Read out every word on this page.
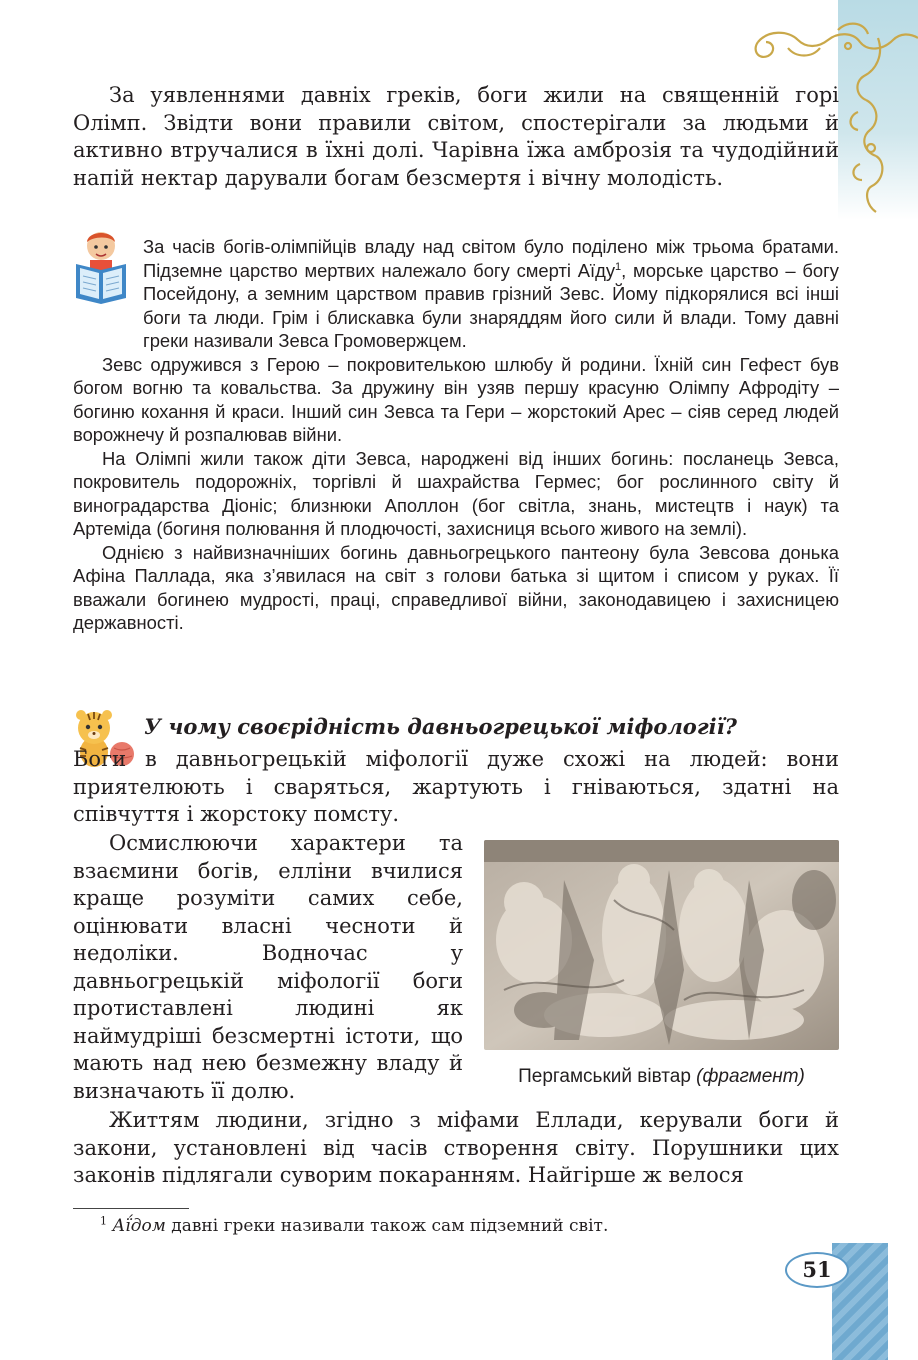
За уявленнями давніх греків, боги жили на священній горі Олімп. Звідти вони правили світом, спостерігали за людьми й активно втручалися в їхні долі. Чарівна їжа амброзія та чудодійний напій нектар дарували богам безсмертя і вічну молодість.

За часів богів-олімпійців владу над світом було поділено між трьома братами. Підземне царство мертвих належало богу смерті Аїду$^1$, морське царство – богу Посейдону, а земним царством правив грізний Зевс. Йому підкорялися всі інші боги та люди. Грім і блискавка були знаряддям його сили й влади. Тому давні греки називали Зевса Громовержцем.

Зевс одружився з Герою – покровителькою шлюбу й родини. Їхній син Гефест був богом вогню та ковальства. За дружину він узяв першу красуню Олімпу Афродіту – богиню кохання й краси. Інший син Зевса та Гери – жорстокий Арес – сіяв серед людей ворожнечу й розпалював війни.

На Олімпі жили також діти Зевса, народжені від інших богинь: посланець Зевса, покровитель подорожніх, торгівлі й шахрайства Гермес; бог рослинного світу й виноградарства Діоніс; близнюки Аполлон (бог світла, знань, мистецтв і наук) та Артеміда (богиня полювання й плодючості, захисниця всього живого на землі).

Однією з найвизначніших богинь давньогрецького пантеону була Зевсова донька Афіна Паллада, яка з’явилася на світ з голови батька зі щитом і списом у руках. Її вважали богинею мудрості, праці, справедливої війни, законодавицею і захисницею державності.

У чому своєрідність давньогрецької міфології?

Боги в давньогрецькій міфології дуже схожі на людей: вони приятелюють і сваряться, жартують і гніваються, здатні на співчуття і жорстоку помсту.

Осмислюючи характери та взаємини богів, елліни вчилися краще розуміти самих себе, оцінювати власні чесноти й недоліки. Водночас у давньогрецькій міфології боги протиставлені людині як наймудріші безсмертні істоти, що мають над нею безмежну владу й визначають її долю.

Пергамський вівтар (фрагмент)

Життям людини, згідно з міфами Еллади, керували боги й закони, установлені від часів створення світу. Порушники цих законів підлягали суворим покаранням. Найгірше ж велося

$^1$ Аї́дом давні греки називали також сам підземний світ.
51
